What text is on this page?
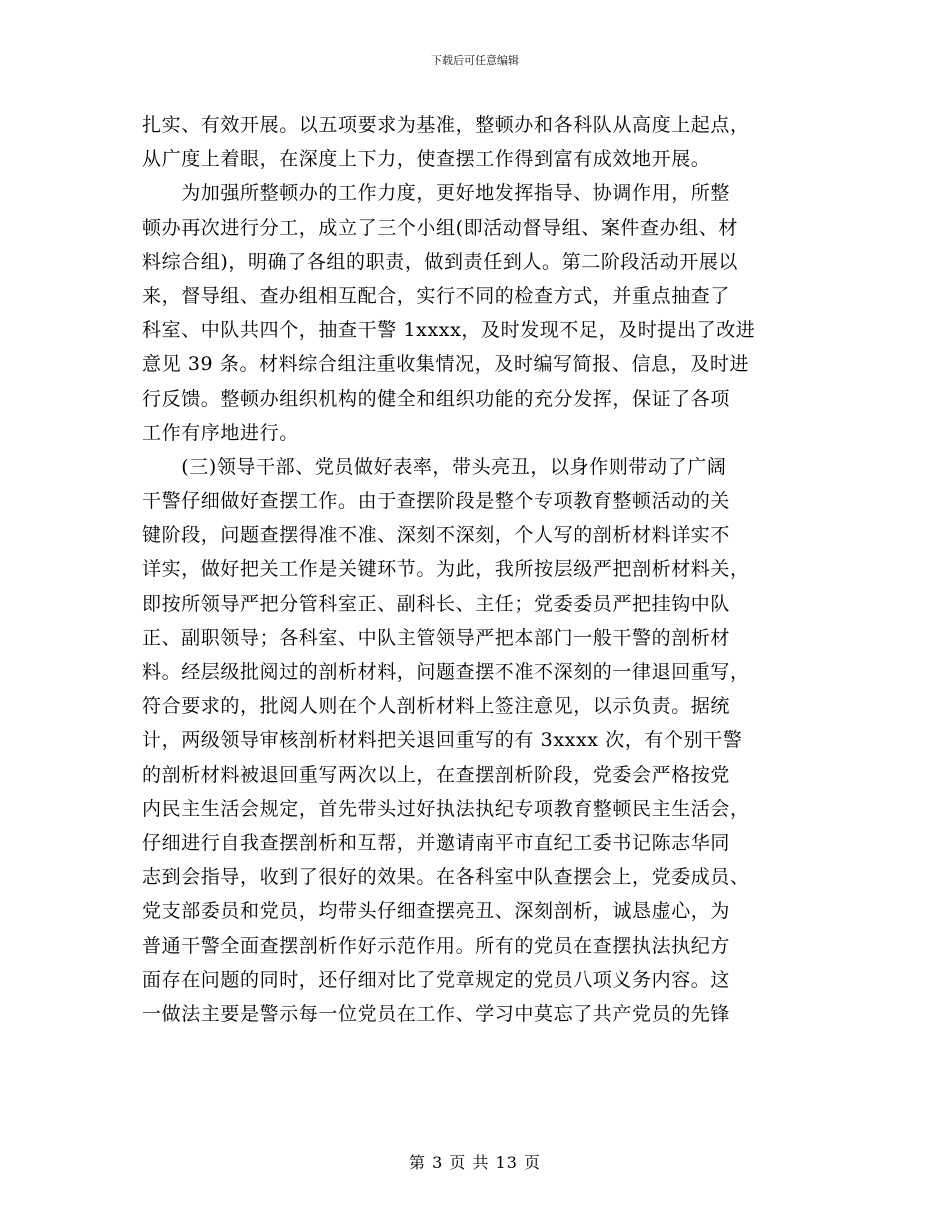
下载后可任意编辑
扎实、有效开展。以五项要求为基准，整顿办和各科队从高度上起点，
从广度上着眼，在深度上下力，使查摆工作得到富有成效地开展。
　　为加强所整顿办的工作力度，更好地发挥指导、协调作用，所整
顿办再次进行分工，成立了三个小组(即活动督导组、案件查办组、材
料综合组)，明确了各组的职责，做到责任到人。第二阶段活动开展以
来，督导组、查办组相互配合，实行不同的检查方式，并重点抽查了
科室、中队共四个，抽查干警 1xxxx，及时发现不足，及时提出了改进
意见 39 条。材料综合组注重收集情况，及时编写简报、信息，及时进
行反馈。整顿办组织机构的健全和组织功能的充分发挥，保证了各项
工作有序地进行。
　　(三)领导干部、党员做好表率，带头亮丑，以身作则带动了广阔
干警仔细做好查摆工作。由于查摆阶段是整个专项教育整顿活动的关
键阶段，问题查摆得准不准、深刻不深刻，个人写的剖析材料详实不
详实，做好把关工作是关键环节。为此，我所按层级严把剖析材料关，
即按所领导严把分管科室正、副科长、主任；党委委员严把挂钩中队
正、副职领导；各科室、中队主管领导严把本部门一般干警的剖析材
料。经层级批阅过的剖析材料，问题查摆不准不深刻的一律退回重写，
符合要求的，批阅人则在个人剖析材料上签注意见，以示负责。据统
计，两级领导审核剖析材料把关退回重写的有 3xxxx 次，有个别干警
的剖析材料被退回重写两次以上，在查摆剖析阶段，党委会严格按党
内民主生活会规定，首先带头过好执法执纪专项教育整顿民主生活会，
仔细进行自我查摆剖析和互帮，并邀请南平市直纪工委书记陈志华同
志到会指导，收到了很好的效果。在各科室中队查摆会上，党委成员、
党支部委员和党员，均带头仔细查摆亮丑、深刻剖析，诚恳虚心，为
普通干警全面查摆剖析作好示范作用。所有的党员在查摆执法执纪方
面存在问题的同时，还仔细对比了党章规定的党员八项义务内容。这
一做法主要是警示每一位党员在工作、学习中莫忘了共产党员的先锋
第 3 页 共 13 页
